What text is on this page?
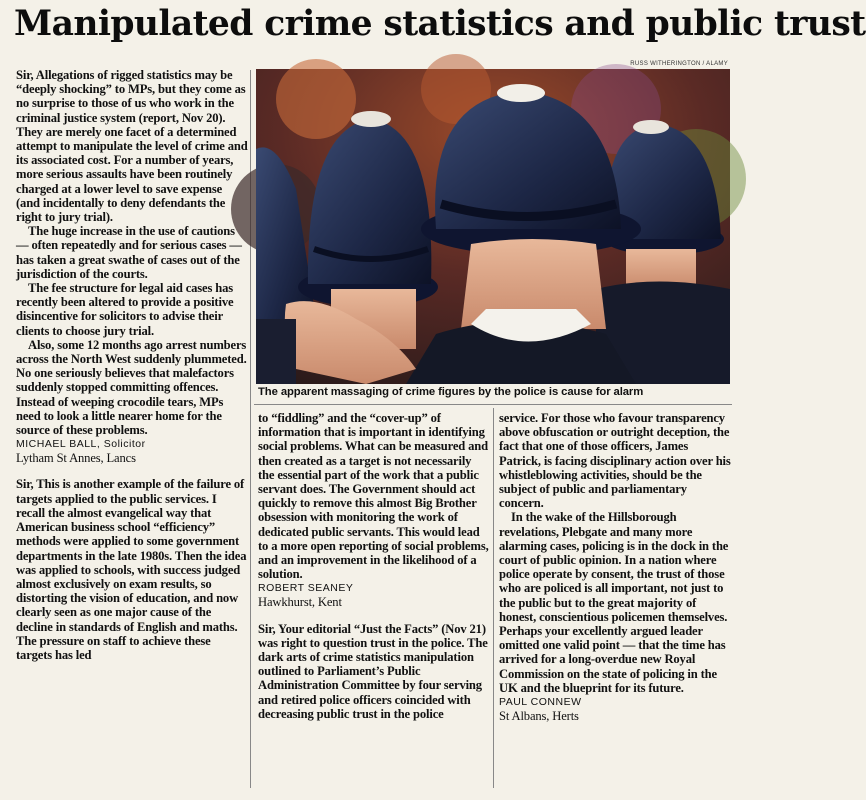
Manipulated crime statistics and public trust
RUSS WITHERINGTON / ALAMY

Sir, Allegations of rigged statistics may be “deeply shocking” to MPs, but they come as no surprise to those of us who work in the criminal justice system (report, Nov 20). They are merely one facet of a determined attempt to manipulate the level of crime and its associated cost. For a number of years, more serious assaults have been routinely charged at a lower level to save expense (and incidentally to deny defendants the right to jury trial).

The huge increase in the use of cautions — often repeatedly and for serious cases — has taken a great swathe of cases out of the jurisdiction of the courts.

The fee structure for legal aid cases has recently been altered to provide a positive disincentive for solicitors to advise their clients to choose jury trial.

Also, some 12 months ago arrest numbers across the North West suddenly plummeted. No one seriously believes that malefactors suddenly stopped committing offences. Instead of weeping crocodile tears, MPs need to look a little nearer home for the source of these problems.

MICHAEL BALL, Solicitor
Lytham St Annes, Lancs

Sir, This is another example of the failure of targets applied to the public services. I recall the almost evangelical way that American business school “efficiency” methods were applied to some government departments in the late 1980s. Then the idea was applied to schools, with success judged almost exclusively on exam results, so distorting the vision of education, and now clearly seen as one major cause of the decline in standards of English and maths. The pressure on staff to achieve these targets has led

The apparent massaging of crime figures by the police is cause for alarm

to “fiddling” and the “cover-up” of information that is important in identifying social problems. What can be measured and then created as a target is not necessarily the essential part of the work that a public servant does. The Government should act quickly to remove this almost Big Brother obsession with monitoring the work of dedicated public servants. This would lead to a more open reporting of social problems, and an improvement in the likelihood of a solution.

ROBERT SEANEY
Hawkhurst, Kent

Sir, Your editorial “Just the Facts” (Nov 21) was right to question trust in the police. The dark arts of crime statistics manipulation outlined to Parliament’s Public Administration Committee by four serving and retired police officers coincided with decreasing public trust in the police

service. For those who favour transparency above obfuscation or outright deception, the fact that one of those officers, James Patrick, is facing disciplinary action over his whistleblowing activities, should be the subject of public and parliamentary concern.

In the wake of the Hillsborough revelations, Plebgate and many more alarming cases, policing is in the dock in the court of public opinion. In a nation where police operate by consent, the trust of those who are policed is all important, not just to the public but to the great majority of honest, conscientious policemen themselves. Perhaps your excellently argued leader omitted one valid point — that the time has arrived for a long-overdue new Royal Commission on the state of policing in the UK and the blueprint for its future.

PAUL CONNEW
St Albans, Herts
